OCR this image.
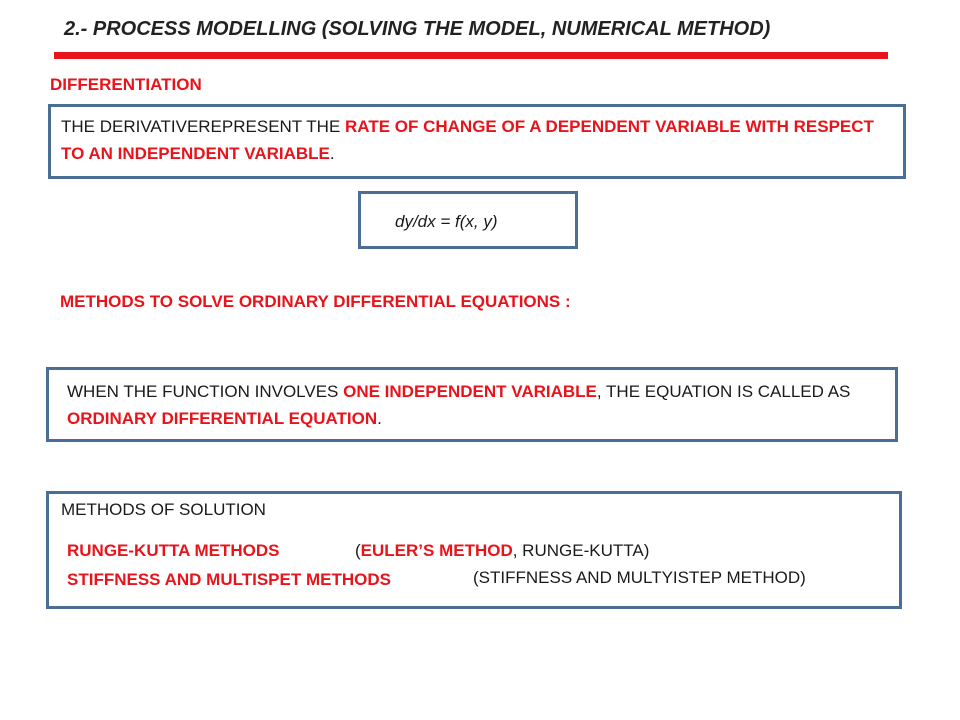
2.- PROCESS MODELLING (SOLVING THE MODEL, NUMERICAL METHOD)
DIFFERENTIATION
THE DERIVATIVEREPRESENT THE RATE OF CHANGE OF A DEPENDENT VARIABLE WITH RESPECT TO AN INDEPENDENT VARIABLE.
dy/dx = f(x, y)
METHODS TO SOLVE ORDINARY DIFFERENTIAL EQUATIONS :
WHEN THE FUNCTION INVOLVES ONE INDEPENDENT VARIABLE, THE EQUATION IS CALLED AS ORDINARY DIFFERENTIAL EQUATION.
METHODS OF SOLUTION
RUNGE-KUTTA METHODS	(EULER’S METHOD, RUNGE-KUTTA)
STIFFNESS AND MULTISPET METHODS	(STIFFNESS AND MULTYISTEP METHOD)
